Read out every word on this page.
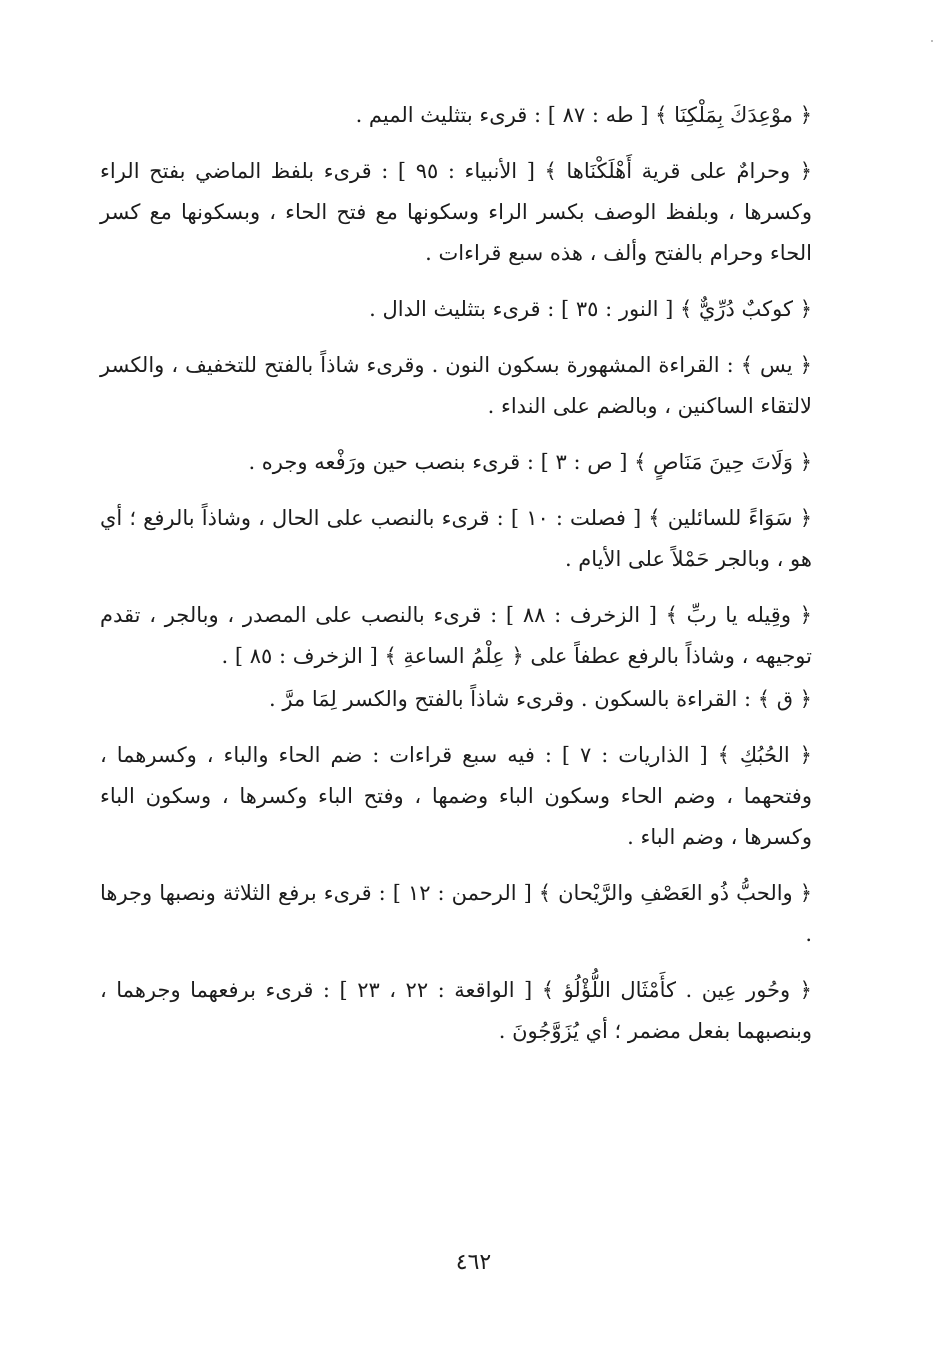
﴿ موْعِدَكَ بِمَلْكِنَا ﴾ [ طه : ٨٧ ] : قرىء بتثليث الميم .

﴿ وحرامٌ على قرية أَهْلَكْنَاها ﴾ [ الأنبياء : ٩٥ ] : قرىء بلفظ الماضي بفتح الراء وكسرها ، وبلفظ الوصف بكسر الراء وسكونها مع فتح الحاء ، وبسكونها مع كسر الحاء وحرام بالفتح وألف ، هذه سبع قراءات .

﴿ كوكبٌ دُرِّيٌّ ﴾ [ النور : ٣٥ ] : قرىء بتثليث الدال .

﴿ يس ﴾ : القراءة المشهورة بسكون النون . وقرىء شاذاً بالفتح للتخفيف ، والكسر لالتقاء الساكنين ، وبالضم على النداء .

﴿ وَلَاتَ حِينَ مَنَاصٍ ﴾ [ ص : ٣ ] : قرىء بنصب حين ورَفْعه وجره .

﴿ سَوَاءً للسائلين ﴾ [ فصلت : ١٠ ] : قرىء بالنصب على الحال ، وشاذاً بالرفع ؛ أي هو ، وبالجر حَمْلاً على الأيام .

﴿ وقِيله يا ربِّ ﴾ [ الزخرف : ٨٨ ] : قرىء بالنصب على المصدر ، وبالجر ، تقدم توجيهه ، وشاذاً بالرفع عطفاً على ﴿ عِلْمُ الساعةِ ﴾ [ الزخرف : ٨٥ ] .

﴿ ق ﴾ : القراءة بالسكون . وقرىء شاذاً بالفتح والكسر لِمَا مرَّ .

﴿ الحُبُكِ ﴾ [ الذاريات : ٧ ] : فيه سبع قراءات : ضم الحاء والباء ، وكسرهما ، وفتحهما ، وضم الحاء وسكون الباء وضمها ، وفتح الباء وكسرها ، وسكون الباء وكسرها ، وضم الباء .

﴿ والحبُّ ذُو العَصْفِ والرَّيْحان ﴾ [ الرحمن : ١٢ ] : قرىء برفع الثلاثة ونصبها وجرها .

﴿ وحُور عِين . كأَمْثَال اللُّؤْلُؤ ﴾ [ الواقعة : ٢٢ ، ٢٣ ] : قرىء برفعهما وجرهما ، وبنصبهما بفعل مضمر ؛ أي يُزَوَّجُونَ .

٤٦٢
